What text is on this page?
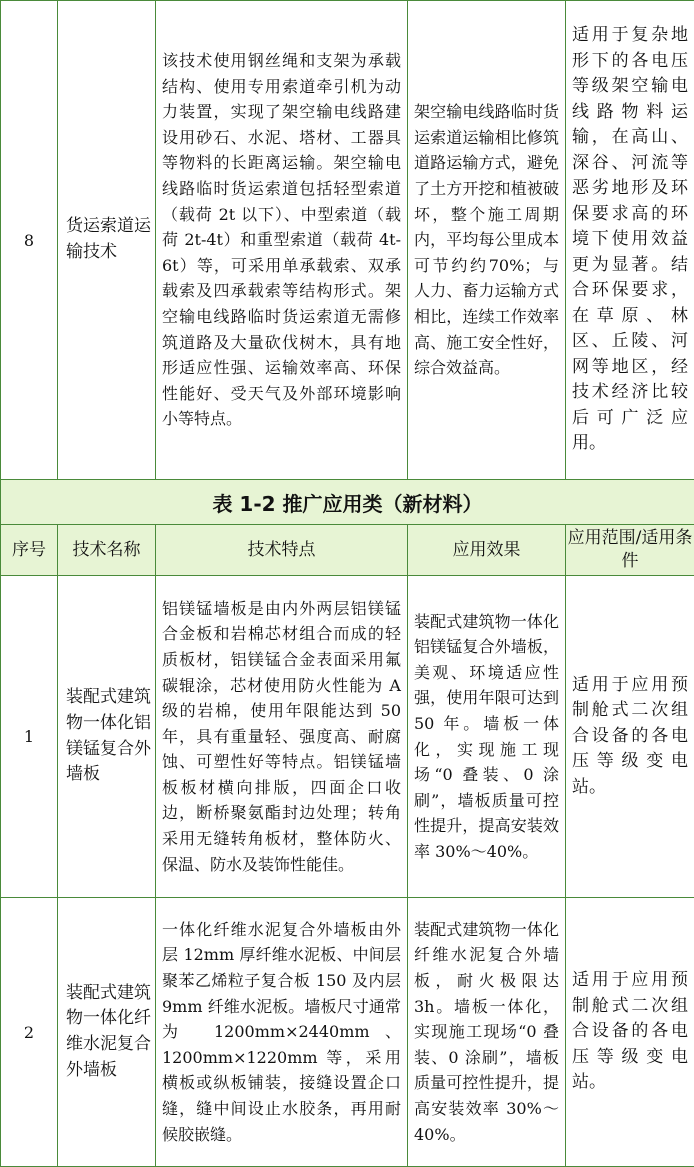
8	货运索道运输技术	该技术使用钢丝绳和支架为承载结构、使用专用索道牵引机为动力装置，实现了架空输电线路建设用砂石、水泥、塔材、工器具等物料的长距离运输。架空输电线路临时货运索道包括轻型索道（载荷 2t 以下）、中型索道（载荷 2t-4t）和重型索道（载荷 4t-6t）等，可采用单承载索、双承载索及四承载索等结构形式。架空输电线路临时货运索道无需修筑道路及大量砍伐树木，具有地形适应性强、运输效率高、环保性能好、受天气及外部环境影响小等特点。	架空输电线路临时货运索道运输相比修筑道路运输方式，避免了土方开挖和植被破坏，整个施工周期内，平均每公里成本可节约约70%；与人力、畜力运输方式相比，连续工作效率高、施工安全性好，综合效益高。	适用于复杂地形下的各电压等级架空输电线路物料运输，在高山、深谷、河流等恶劣地形及环保要求高的环境下使用效益更为显著。结合环保要求，在草原、林区、丘陵、河网等地区，经技术经济比较后可广泛应用。
表 1-2 推广应用类（新材料）				
序号	技术名称	技术特点	应用效果	应用范围/适用条件
1	装配式建筑物一体化铝镁锰复合外墙板	铝镁锰墙板是由内外两层铝镁锰合金板和岩棉芯材组合而成的轻质板材，铝镁锰合金表面采用氟碳辊涂，芯材使用防火性能为 A 级的岩棉，使用年限能达到 50 年，具有重量轻、强度高、耐腐蚀、可塑性好等特点。铝镁锰墙板板材横向排版，四面企口收边，断桥聚氨酯封边处理；转角采用无缝转角板材，整体防火、保温、防水及装饰性能佳。	装配式建筑物一体化铝镁锰复合外墙板，美观、环境适应性强，使用年限可达到 50 年。墙板一体化，实现施工现场“0 叠装、0 涂刷”，墙板质量可控性提升，提高安装效率 30%～40%。	适用于应用预制舱式二次组合设备的各电压等级变电站。
2	装配式建筑物一体化纤维水泥复合外墙板	一体化纤维水泥复合外墙板由外层 12mm 厚纤维水泥板、中间层聚苯乙烯粒子复合板 150 及内层 9mm 纤维水泥板。墙板尺寸通常为 1200mm×2440mm、1200mm×1220mm 等，采用横板或纵板铺装，接缝设置企口缝，缝中间设止水胶条，再用耐候胶嵌缝。	装配式建筑物一体化纤维水泥复合外墙板，耐火极限达 3h。墙板一体化，实现施工现场“0 叠装、0 涂刷”，墙板质量可控性提升，提高安装效率 30%～40%。	适用于应用预制舱式二次组合设备的各电压等级变电站。
